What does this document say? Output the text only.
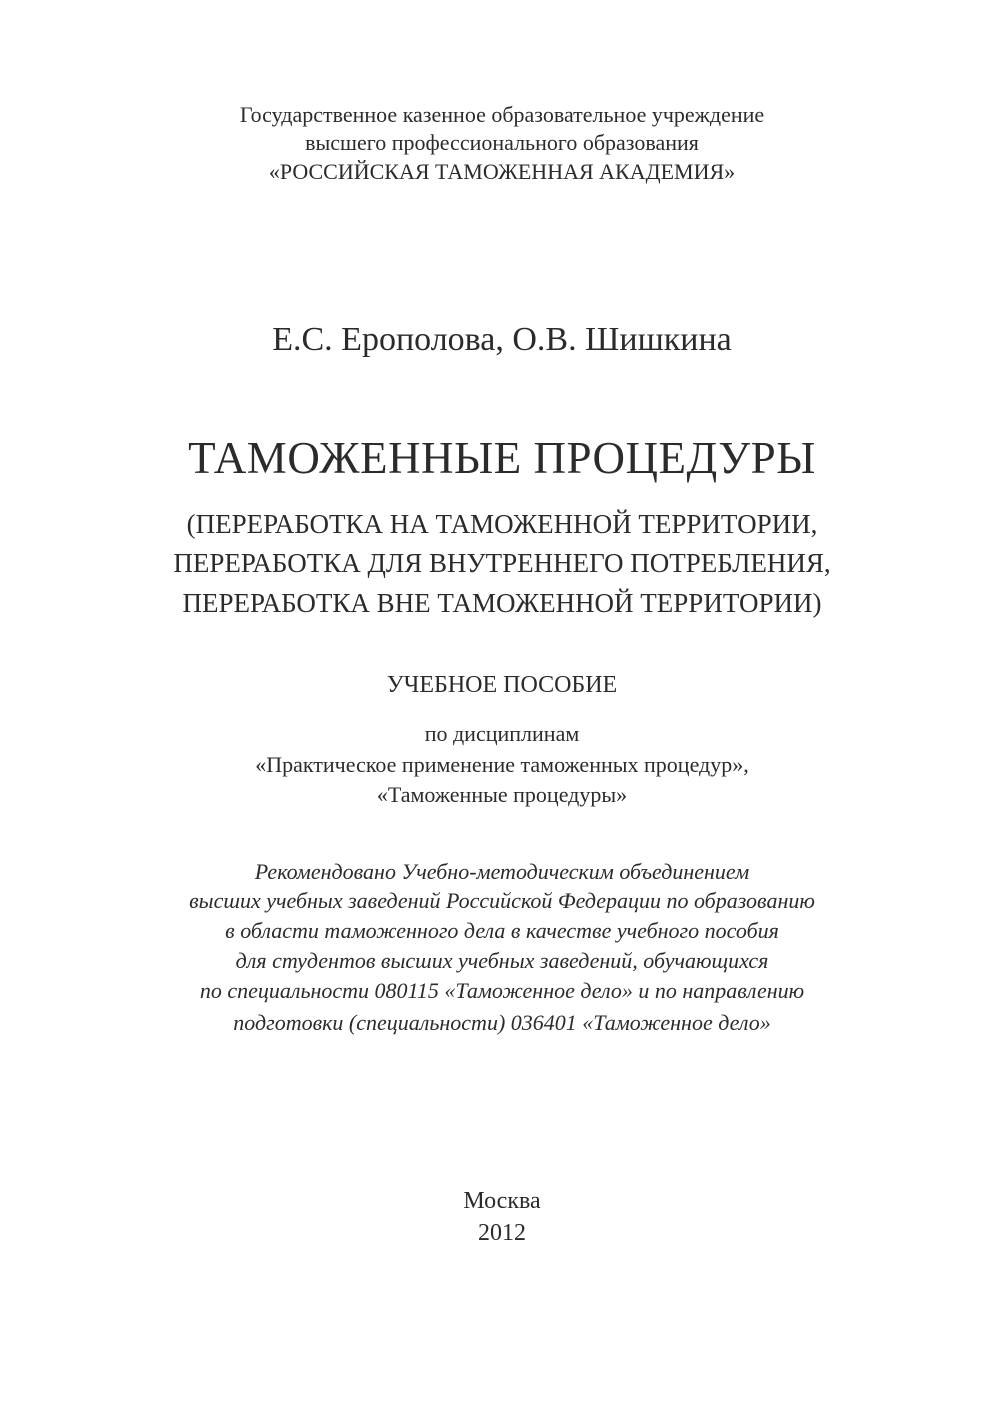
Государственное казенное образовательное учреждение
высшего профессионального образования
«РОССИЙСКАЯ ТАМОЖЕННАЯ АКАДЕМИЯ»
Е.С. Ерополова, О.В. Шишкина
ТАМОЖЕННЫЕ ПРОЦЕДУРЫ
(ПЕРЕРАБОТКА НА ТАМОЖЕННОЙ ТЕРРИТОРИИ,
ПЕРЕРАБОТКА ДЛЯ ВНУТРЕННЕГО ПОТРЕБЛЕНИЯ,
ПЕРЕРАБОТКА ВНЕ ТАМОЖЕННОЙ ТЕРРИТОРИИ)
УЧЕБНОЕ ПОСОБИЕ
по дисциплинам
«Практическое применение таможенных процедур»,
«Таможенные процедуры»
Рекомендовано Учебно-методическим объединением
высших учебных заведений Российской Федерации по образованию
в области таможенного дела в качестве учебного пособия
для студентов высших учебных заведений, обучающихся
по специальности 080115 «Таможенное дело» и по направлению
подготовки (специальности) 036401 «Таможенное дело»
Москва
2012
